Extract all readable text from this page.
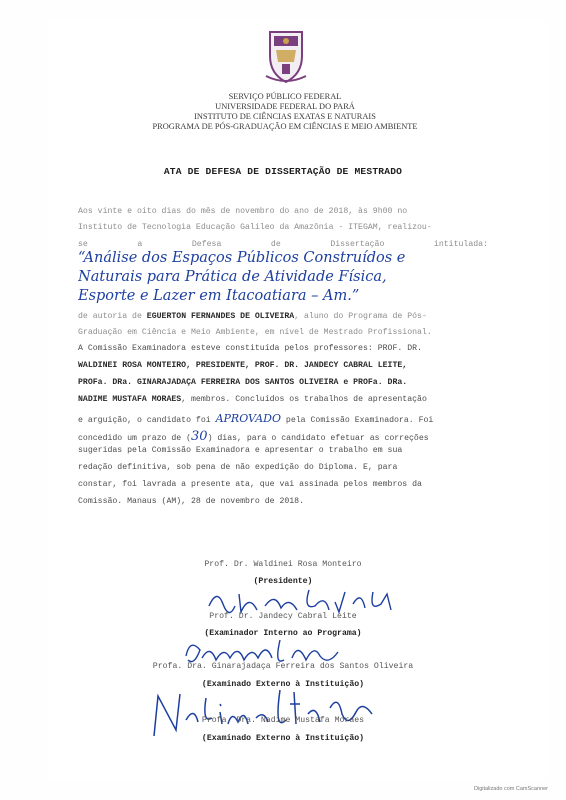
SERVIÇO PÚBLICO FEDERAL
UNIVERSIDADE FEDERAL DO PARÁ
INSTITUTO DE CIÊNCIAS EXATAS E NATURAIS
PROGRAMA DE PÓS-GRADUAÇÃO EM CIÊNCIAS E MEIO AMBIENTE
ATA DE DEFESA DE DISSERTAÇÃO DE MESTRADO
Aos vinte e oito dias do mês de novembro do ano de 2018, às 9h00 no
Instituto de Tecnologia Educação Galileo da Amazônia - ITEGAM, realizou-
se	a	Defesa	de	Dissertação	intitulada:
“Análise dos Espaços Públicos Construídos e
Naturais para Prática de Atividade Física,
Esporte e Lazer em Itacoatiara – Am.”
de autoria de EGUERTON FERNANDES DE OLIVEIRA, aluno do Programa de Pós-
Graduação em Ciência e Meio Ambiente, em nível de Mestrado Profissional.
A Comissão Examinadora esteve constituída pelos professores: PROF. DR.
WALDINEI ROSA MONTEIRO, PRESIDENTE, PROF. DR. JANDECY CABRAL LEITE,
PROFa. DRa. GINARAJADAÇA FERREIRA DOS SANTOS OLIVEIRA e PROFa. DRa.
NADIME MUSTAFA MORAES, membros. Concluídos os trabalhos de apresentação
e arguição, o candidato foi APROVADO pela Comissão Examinadora. Foi
concedido um prazo de (30) dias, para o candidato efetuar as correções
sugeridas pela Comissão Examinadora e apresentar o trabalho em sua
redação definitiva, sob pena de não expedição do Diploma. E, para
constar, foi lavrada a presente ata, que vai assinada pelos membros da
Comissão. Manaus (AM), 28 de novembro de 2018.
Prof. Dr. Waldinei Rosa Monteiro
(Presidente)
Prof. Dr. Jandecy Cabral Leite
(Examinador Interno ao Programa)
Profa. Dra. Ginarajadaça Ferreira dos Santos Oliveira
(Examinado Externo à Instituição)
Profa. Dra. Nadime Mustafa Moraes
(Examinado Externo à Instituição)
Digitalizado com CamScanner
